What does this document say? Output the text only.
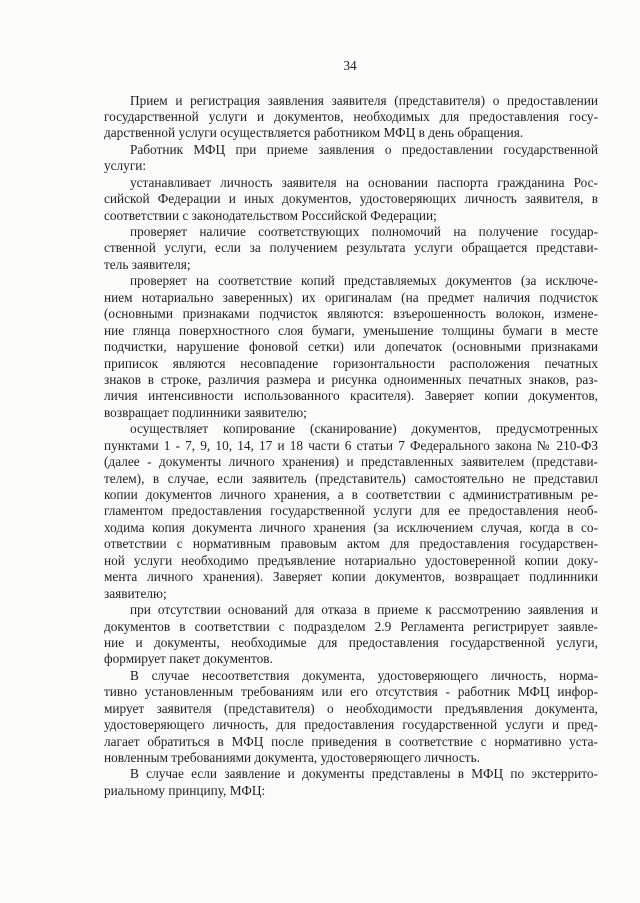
34
Прием и регистрация заявления заявителя (представителя) о предоставлении
государственной услуги и документов, необходимых для предоставления госу-
дарственной услуги осуществляется работником МФЦ в день обращения.
Работник МФЦ при приеме заявления о предоставлении государственной
услуги:
устанавливает личность заявителя на основании паспорта гражданина Рос-
сийской Федерации и иных документов, удостоверяющих личность заявителя, в
соответствии с законодательством Российской Федерации;
проверяет наличие соответствующих полномочий на получение государ-
ственной услуги, если за получением результата услуги обращается представи-
тель заявителя;
проверяет на соответствие копий представляемых документов (за исключе-
нием нотариально заверенных) их оригиналам (на предмет наличия подчисток
(основными признаками подчисток являются: взъерошенность волокон, измене-
ние глянца поверхностного слоя бумаги, уменьшение толщины бумаги в месте
подчистки, нарушение фоновой сетки) или допечаток (основными признаками
приписок являются несовпадение горизонтальности расположения печатных
знаков в строке, различия размера и рисунка одноименных печатных знаков, раз-
личия интенсивности использованного красителя). Заверяет копии документов,
возвращает подлинники заявителю;
осуществляет копирование (сканирование) документов, предусмотренных
пунктами 1 - 7, 9, 10, 14, 17 и 18 части 6 статьи 7 Федерального закона № 210-ФЗ
(далее - документы личного хранения) и представленных заявителем (представи-
телем), в случае, если заявитель (представитель) самостоятельно не представил
копии документов личного хранения, а в соответствии с административным ре-
гламентом предоставления государственной услуги для ее предоставления необ-
ходима копия документа личного хранения (за исключением случая, когда в со-
ответствии с нормативным правовым актом для предоставления государствен-
ной услуги необходимо предъявление нотариально удостоверенной копии доку-
мента личного хранения). Заверяет копии документов, возвращает подлинники
заявителю;
при отсутствии оснований для отказа в приеме к рассмотрению заявления и
документов в соответствии с подразделом 2.9 Регламента регистрирует заявле-
ние и документы, необходимые для предоставления государственной услуги,
формирует пакет документов.
В случае несоответствия документа, удостоверяющего личность, норма-
тивно установленным требованиям или его отсутствия - работник МФЦ инфор-
мирует заявителя (представителя) о необходимости предъявления документа,
удостоверяющего личность, для предоставления государственной услуги и пред-
лагает обратиться в МФЦ после приведения в соответствие с нормативно уста-
новленным требованиями документа, удостоверяющего личность.
В случае если заявление и документы представлены в МФЦ по экстеррито-
риальному принципу, МФЦ:
